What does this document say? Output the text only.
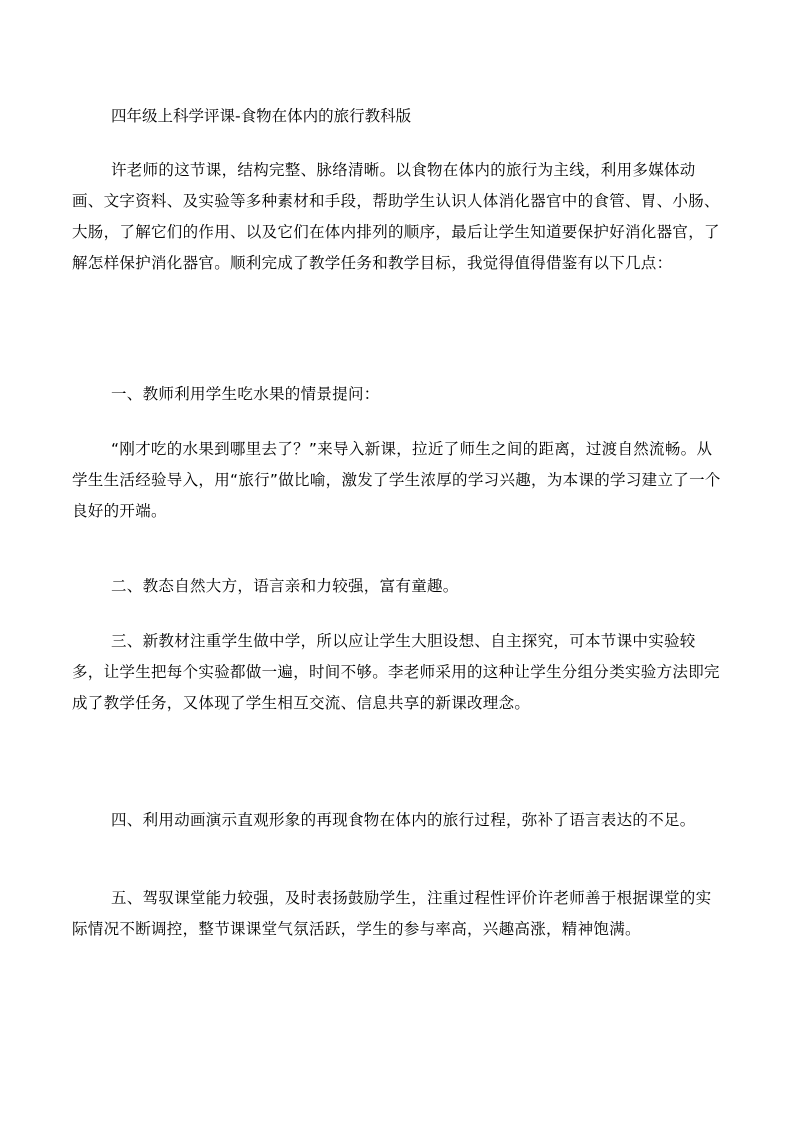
四年级上科学评课-食物在体内的旅行教科版
许老师的这节课，结构完整、脉络清晰。以食物在体内的旅行为主线，利用多媒体动画、文字资料、及实验等多种素材和手段，帮助学生认识人体消化器官中的食管、胃、小肠、大肠，了解它们的作用、以及它们在体内排列的顺序，最后让学生知道要保护好消化器官，了解怎样保护消化器官。顺利完成了教学任务和教学目标，我觉得值得借鉴有以下几点：
一、教师利用学生吃水果的情景提问：
“刚才吃的水果到哪里去了？”来导入新课，拉近了师生之间的距离，过渡自然流畅。从学生生活经验导入，用“旅行”做比喻，激发了学生浓厚的学习兴趣，为本课的学习建立了一个良好的开端。
二、教态自然大方，语言亲和力较强，富有童趣。
三、新教材注重学生做中学，所以应让学生大胆设想、自主探究，可本节课中实验较多，让学生把每个实验都做一遍，时间不够。李老师采用的这种让学生分组分类实验方法即完成了教学任务，又体现了学生相互交流、信息共享的新课改理念。
四、利用动画演示直观形象的再现食物在体内的旅行过程，弥补了语言表达的不足。
五、驾驭课堂能力较强，及时表扬鼓励学生，注重过程性评价许老师善于根据课堂的实际情况不断调控，整节课课堂气氛活跃，学生的参与率高，兴趣高涨，精神饱满。
